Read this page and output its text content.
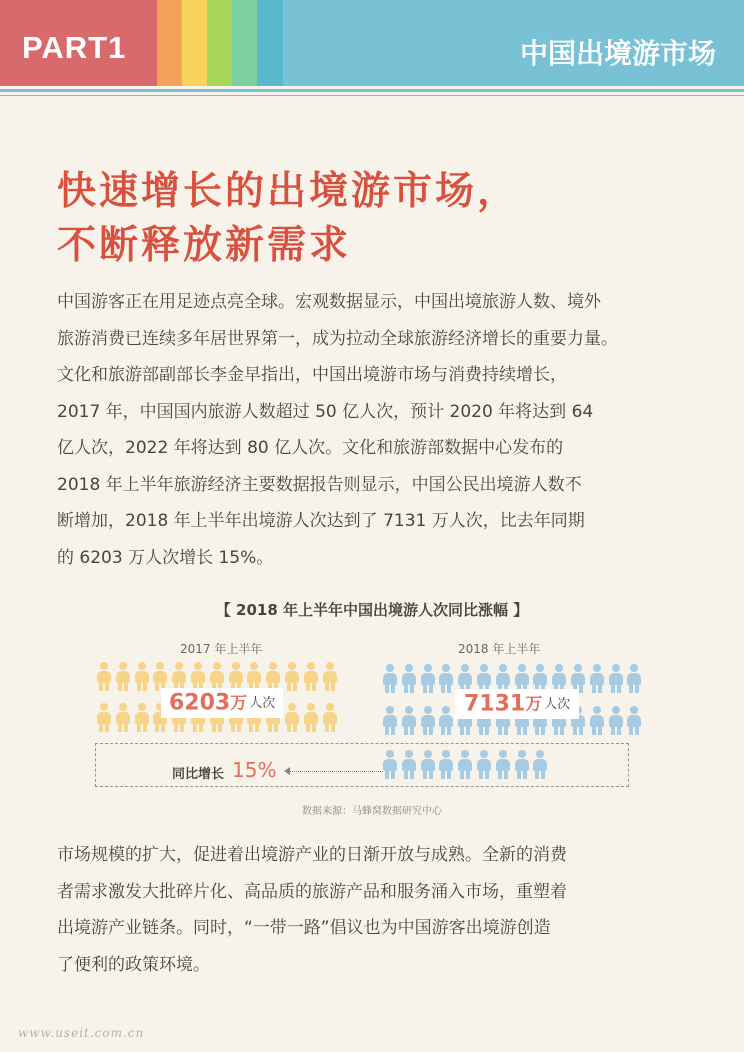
PART1	中国出境游市场
快速增长的出境游市场，
不断释放新需求

中国游客正在用足迹点亮全球。宏观数据显示，中国出境旅游人数、境外

旅游消费已连续多年居世界第一，成为拉动全球旅游经济增长的重要力量。

文化和旅游部副部长李金早指出，中国出境游市场与消费持续增长，

2017 年，中国国内旅游人数超过 50 亿人次，预计 2020 年将达到 64

亿人次，2022 年将达到 80 亿人次。文化和旅游部数据中心发布的

2018 年上半年旅游经济主要数据报告则显示，中国公民出境游人数不

断增加，2018 年上半年出境游人次达到了 7131 万人次，比去年同期

的 6203 万人次增长 15%。

【 2018 年上半年中国出境游人次同比涨幅 】
2017 年上半年	2018 年上半年
6203万 人次	7131万 人次
同比增长 15%
数据来源：马蜂窝数据研究中心

市场规模的扩大，促进着出境游产业的日渐开放与成熟。全新的消费

者需求激发大批碎片化、高品质的旅游产品和服务涌入市场，重塑着

出境游产业链条。同时，“一带一路”倡议也为中国游客出境游创造

了便利的政策环境。

www.useit.com.cn
